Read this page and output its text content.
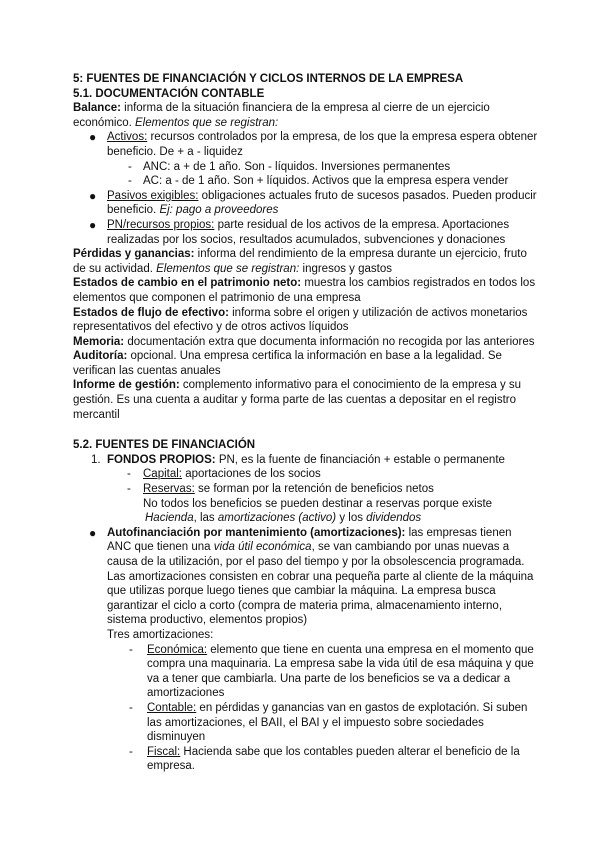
5: FUENTES DE FINANCIACIÓN Y CICLOS INTERNOS DE LA EMPRESA

5.1. DOCUMENTACIÓN CONTABLE

Balance: informa de la situación financiera de la empresa al cierre de un ejercicio económico. Elementos que se registran:

● Activos: recursos controlados por la empresa, de los que la empresa espera obtener beneficio. De + a - liquidez
- ANC: a + de 1 año. Son - líquidos. Inversiones permanentes
- AC: a - de 1 año. Son + líquidos. Activos que la empresa espera vender
● Pasivos exigibles: obligaciones actuales fruto de sucesos pasados. Pueden producir beneficio. Ej: pago a proveedores
● PN/recursos propios: parte residual de los activos de la empresa. Aportaciones realizadas por los socios, resultados acumulados, subvenciones y donaciones

Pérdidas y ganancias: informa del rendimiento de la empresa durante un ejercicio, fruto de su actividad. Elementos que se registran: ingresos y gastos

Estados de cambio en el patrimonio neto: muestra los cambios registrados en todos los elementos que componen el patrimonio de una empresa

Estados de flujo de efectivo: informa sobre el origen y utilización de activos monetarios representativos del efectivo y de otros activos líquidos

Memoria: documentación extra que documenta información no recogida por las anteriores

Auditoría: opcional. Una empresa certifica la información en base a la legalidad. Se verifican las cuentas anuales

Informe de gestión: complemento informativo para el conocimiento de la empresa y su gestión. Es una cuenta a auditar y forma parte de las cuentas a depositar en el registro mercantil

5.2. FUENTES DE FINANCIACIÓN

1. FONDOS PROPIOS: PN, es la fuente de financiación + estable o permanente
- Capital: aportaciones de los socios
- Reservas: se forman por la retención de beneficios netos
No todos los beneficios se pueden destinar a reservas porque existe
Hacienda, las amortizaciones (activo) y los dividendos
● Autofinanciación por mantenimiento (amortizaciones): las empresas tienen ANC que tienen una vida útil económica, se van cambiando por unas nuevas a causa de la utilización, por el paso del tiempo y por la obsolescencia programada. Las amortizaciones consisten en cobrar una pequeña parte al cliente de la máquina que utilizas porque luego tienes que cambiar la máquina. La empresa busca garantizar el ciclo a corto (compra de materia prima, almacenamiento interno, sistema productivo, elementos propios)
Tres amortizaciones:
- Económica: elemento que tiene en cuenta una empresa en el momento que compra una maquinaria. La empresa sabe la vida útil de esa máquina y que va a tener que cambiarla. Una parte de los beneficios se va a dedicar a amortizaciones
- Contable: en pérdidas y ganancias van en gastos de explotación. Si suben las amortizaciones, el BAII, el BAI y el impuesto sobre sociedades disminuyen
- Fiscal: Hacienda sabe que los contables pueden alterar el beneficio de la empresa.
